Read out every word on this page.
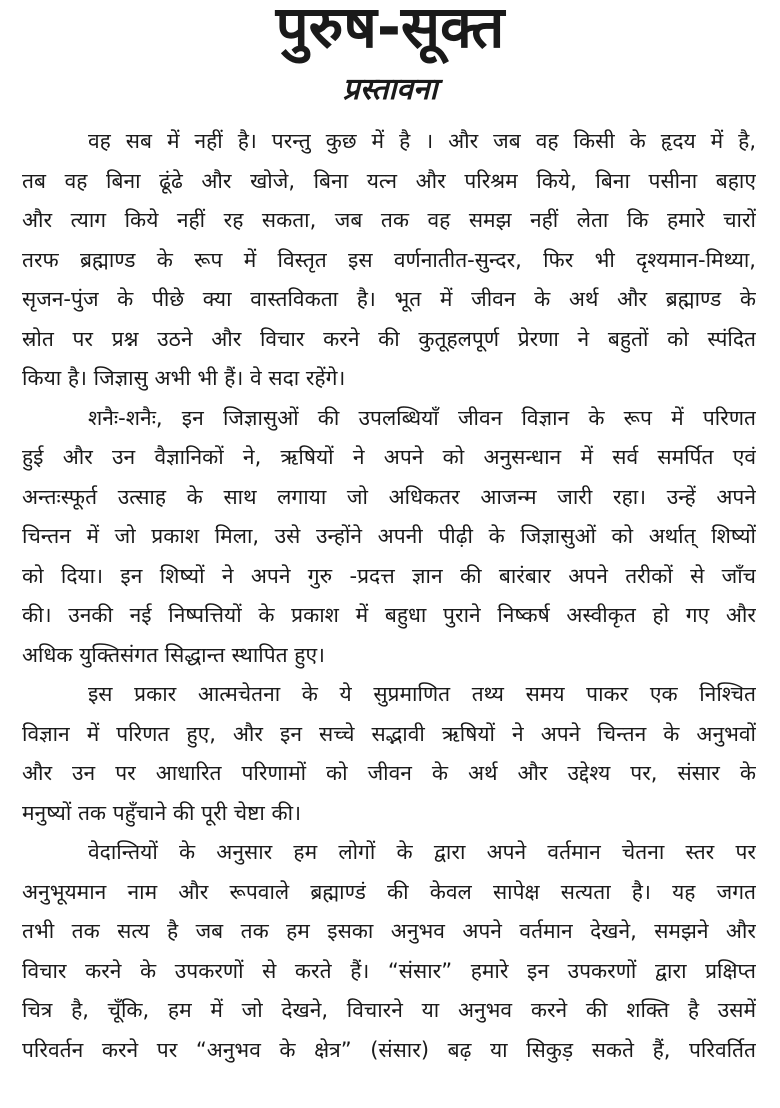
पुरुष-सूक्त
प्रस्तावना
वह सब में नहीं है। परन्तु कुछ में है । और जब वह किसी के हृदय में है,
तब वह बिना ढूंढे और खोजे, बिना यत्न और परिश्रम किये, बिना पसीना बहाए
और त्याग किये नहीं रह सकता, जब तक वह समझ नहीं लेता कि हमारे चारों
तरफ ब्रह्माण्ड के रूप में विस्तृत इस वर्णनातीत-सुन्दर, फिर भी दृश्यमान-मिथ्या,
सृजन-पुंज के पीछे क्या वास्तविकता है। भूत में जीवन के अर्थ और ब्रह्माण्ड के
स्रोत पर प्रश्न उठने और विचार करने की कुतूहलपूर्ण प्रेरणा ने बहुतों को स्पंदित
किया है। जिज्ञासु अभी भी हैं। वे सदा रहेंगे।
शनैः-शनैः, इन जिज्ञासुओं की उपलब्धियाँ जीवन विज्ञान के रूप में परिणत
हुई और उन वैज्ञानिकों ने, ऋषियों ने अपने को अनुसन्धान में सर्व समर्पित एवं
अन्तःस्फूर्त उत्साह के साथ लगाया जो अधिकतर आजन्म जारी रहा। उन्हें अपने
चिन्तन में जो प्रकाश मिला, उसे उन्होंने अपनी पीढ़ी के जिज्ञासुओं को अर्थात् शिष्यों
को दिया। इन शिष्यों ने अपने गुरु -प्रदत्त ज्ञान की बारंबार अपने तरीकों से जाँच
की। उनकी नई निष्पत्तियों के प्रकाश में बहुधा पुराने निष्कर्ष अस्वीकृत हो गए और
अधिक युक्तिसंगत सिद्धान्त स्थापित हुए।
इस प्रकार आत्मचेतना के ये सुप्रमाणित तथ्य समय पाकर एक निश्चित
विज्ञान में परिणत हुए, और इन सच्चे सद्भावी ऋषियों ने अपने चिन्तन के अनुभवों
और उन पर आधारित परिणामों को जीवन के अर्थ और उद्देश्य पर, संसार के
मनुष्यों तक पहुँचाने की पूरी चेष्टा की।
वेदान्तियों के अनुसार हम लोगों के द्वारा अपने वर्तमान चेतना स्तर पर
अनुभूयमान नाम और रूपवाले ब्रह्माण्डं की केवल सापेक्ष सत्यता है। यह जगत
तभी तक सत्य है जब तक हम इसका अनुभव अपने वर्तमान देखने, समझने और
विचार करने के उपकरणों से करते हैं। “संसार” हमारे इन उपकरणों द्वारा प्रक्षिप्त
चित्र है, चूँकि, हम में जो देखने, विचारने या अनुभव करने की शक्ति है उसमें
परिवर्तन करने पर “अनुभव के क्षेत्र” (संसार) बढ़ या सिकुड़ सकते हैं, परिवर्तित
